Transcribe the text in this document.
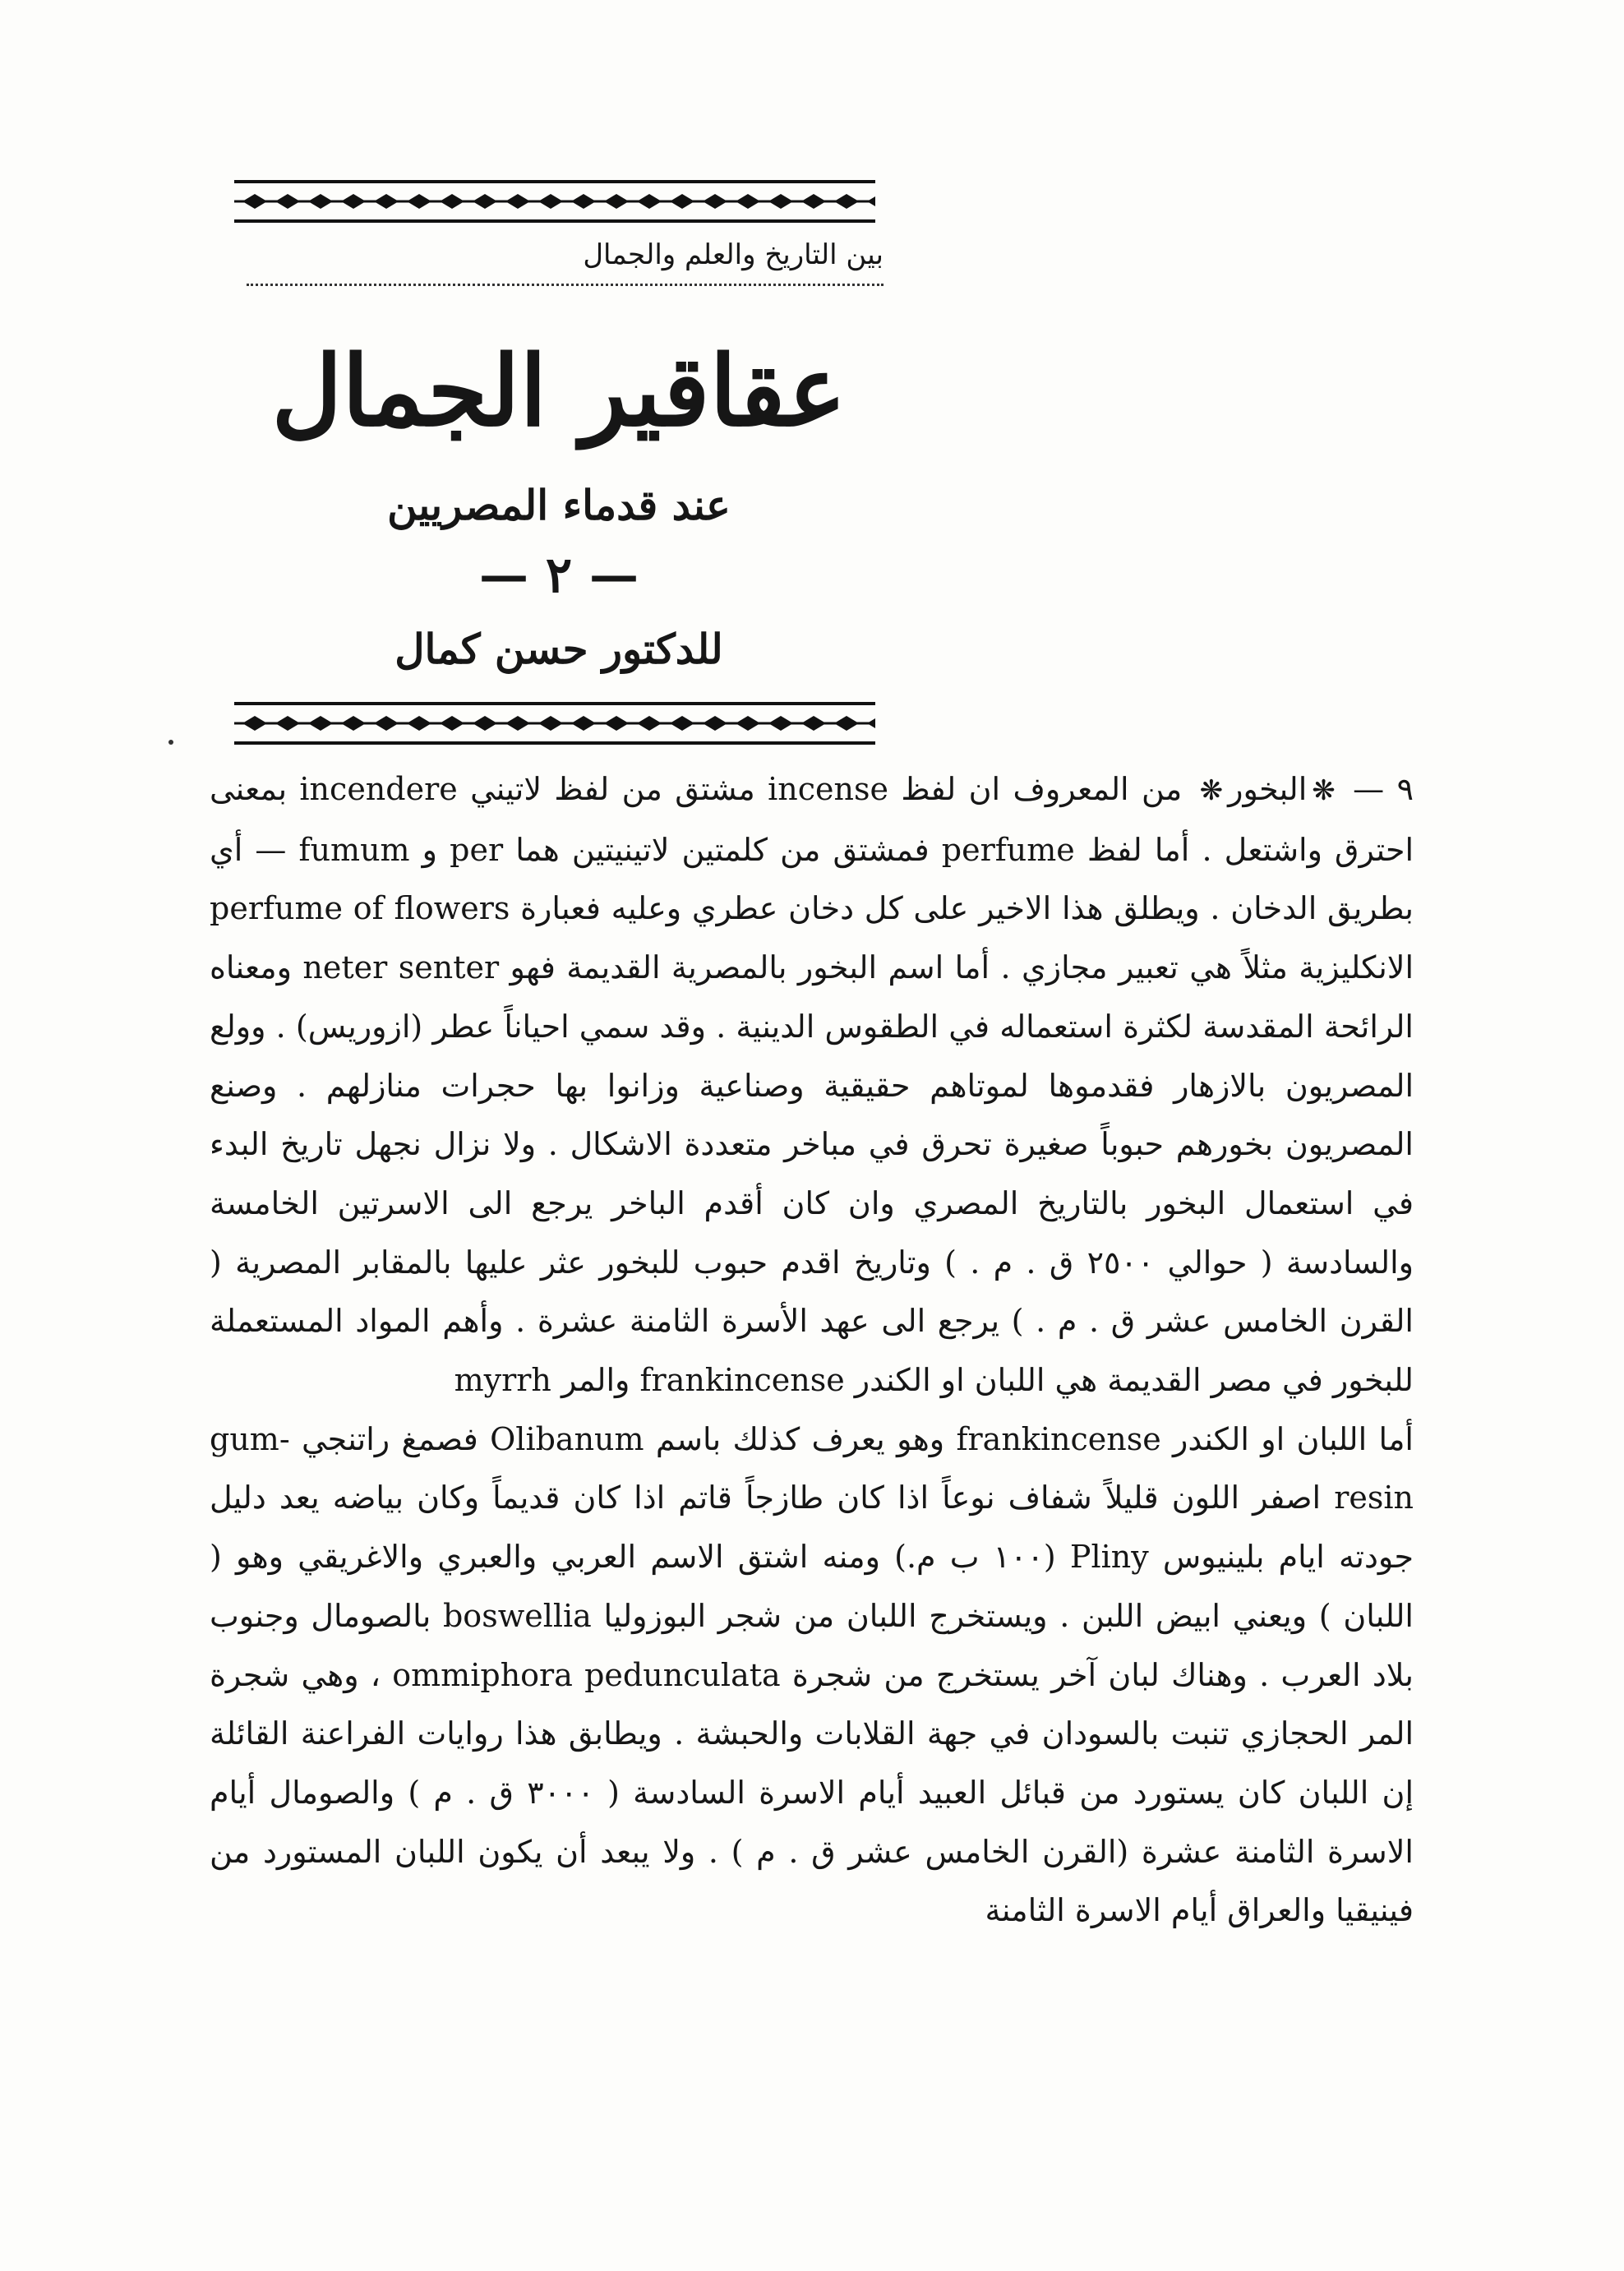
بين التاريخ والعلم والجمال
عقاقير الجمال
عند قدماء المصريين
— ٢ —
للدكتور حسن كمال

٩ — ❋البخور❋ من المعروف ان لفظ incense مشتق من لفظ لاتيني incendere بمعنى احترق واشتعل . أما لفظ perfume فمشتق من كلمتين لاتينيتين هما per و fumum — أي بطريق الدخان . ويطلق هذا الاخير على كل دخان عطري وعليه فعبارة perfume of flowers الانكليزية مثلاً هي تعبير مجازي . أما اسم البخور بالمصرية القديمة فهو neter senter ومعناه الرائحة المقدسة لكثرة استعماله في الطقوس الدينية . وقد سمي احياناً عطر (ازوريس) . وولع المصريون بالازهار فقدموها لموتاهم حقيقية وصناعية وزانوا بها حجرات منازلهم . وصنع المصريون بخورهم حبوباً صغيرة تحرق في مباخر متعددة الاشكال . ولا نزال نجهل تاريخ البدء في استعمال البخور بالتاريخ المصري وان كان أقدم الباخر يرجع الى الاسرتين الخامسة والسادسة ( حوالي ٢٥٠٠ ق . م . ) وتاريخ اقدم حبوب للبخور عثر عليها بالمقابر المصرية ( القرن الخامس عشر ق . م . ) يرجع الى عهد الأسرة الثامنة عشرة . وأهم المواد المستعملة للبخور في مصر القديمة هي اللبان او الكندر frankincense والمر myrrh

أما اللبان او الكندر frankincense وهو يعرف كذلك باسم Olibanum فصمغ راتنجي gum-resin اصفر اللون قليلاً شفاف نوعاً اذا كان طازجاً قاتم اذا كان قديماً وكان بياضه يعد دليل جودته ايام بلينيوس Pliny (١٠٠ ب م.) ومنه اشتق الاسم العربي والعبري والاغريقي وهو ( اللبان ) ويعني ابيض اللبن . ويستخرج اللبان من شجر البوزوليا boswellia بالصومال وجنوب بلاد العرب . وهناك لبان آخر يستخرج من شجرة ommiphora pedunculata ، وهي شجرة المر الحجازي تنبت بالسودان في جهة القلابات والحبشة . ويطابق هذا روايات الفراعنة القائلة إن اللبان كان يستورد من قبائل العبيد أيام الاسرة السادسة ( ٣٠٠٠ ق . م ) والصومال أيام الاسرة الثامنة عشرة (القرن الخامس عشر ق . م ) . ولا يبعد أن يكون اللبان المستورد من فينيقيا والعراق أيام الاسرة الثامنة
